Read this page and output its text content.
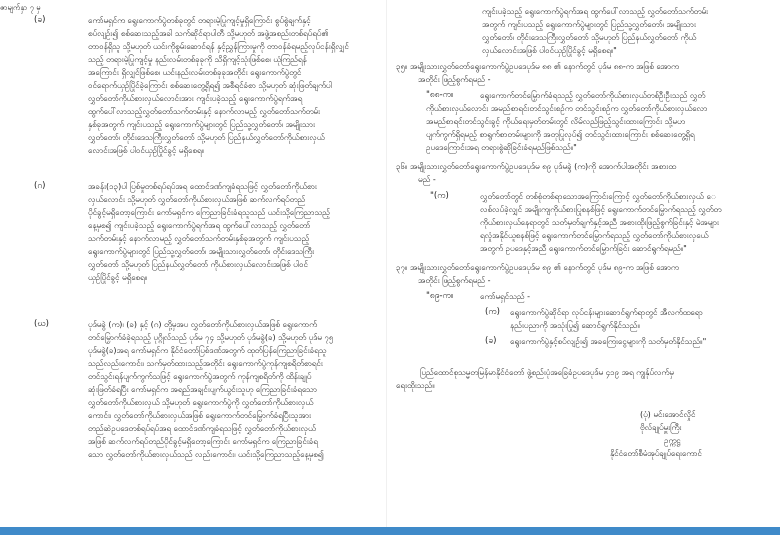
ဇာမျက်နှာ ၇ မှ
(ခ)	ကော်မရှင်က ရွေးကောက်ပွဲတစ်ခုတွင် တရားမဲ့ပြုကျင့်မှုရှိကြောင်း စွပ်စွဲချက်နှင့်
စပ်လျဉ်း၍ စစ်ဆေးသည့်အခါ သက်ဆိုင်ရာပါတီ သို့မဟုတ် အဖွဲ့အစည်းတစ်ရပ်ရပ်၏
တာဝန်ရှိသူ သို့မဟုတ် ယင်းကိုစွမ်းဆောင်ရန် နှင့်ညွှန်ကြားမှုကို တာဝန်ခံရမည့်လုပ်ငန်းရှိလျှင်
သည့် တရားမဲ့ပြုကျင့်မှု နည်းလမ်းတစ်ခုခုကို သိရှိကျင့်သုံးဖြစ်စေ၊ ယုံကြည်ရန်
အကြောင်း ရှိလျှင်ဖြစ်စေ၊ ယင်းနည်းလမ်းတစ်ခုခုအတိုင်း ရွေးကောက်ပွဲတွင်
ဝင်ရောက်ယှဉ်ပြိုင်ခဲ့ကြောင်း စစ်ဆေးတွေ့ရှိရ၍ အစီရင်ခံစာ သို့မဟုတ် ဆုံးဖြတ်ချက်ပါ
လွှတ်တော်ကိုယ်စားလှယ်လောင်းအား ကျင်းပခဲ့သည့် ရွေးကောက်ပွဲရက်အရ
ထွက်ပေါ်လာသည့်လွှတ်တော်သက်တမ်းနှင့် နောက်လာမည့် လွှတ်တော်သက်တမ်း
နှစ်ခုအတွက် ကျင်းပသည့် ရွေးကောက်ပွဲများတွင် ပြည်သူ့လွှတ်တော်၊ အမျိုးသား
လွှတ်တော်၊ တိုင်းဒေသကြီးလွှတ်တော် သို့မဟုတ် ပြည်နယ်လွှတ်တော်ကိုယ်စားလှယ်
လောင်းအဖြစ် ပါဝင်ယှဉ်ပြိုင်ခွင့် မရှိစေရ။
(ဂ)	အခန်း(၁၃)ပါ ပြစ်မှုတစ်ရပ်ရပ်အရ ထောင်ဒဏ်ကျခံရသဖြင့် လွှတ်တော်ကိုယ်စား
လှယ်လောင်း သို့မဟုတ် လွှတ်တော်ကိုယ်စားလှယ်အဖြစ် ဆက်လက်ရပ်တည်
ပိုင်ခွင့်မရှိတော့ကြောင်း ကော်မရှင်က ကြေညာခြင်းခံရသူသည် ယင်းသို့ကြေညာသည့်
နေ့မှစ၍ ကျင်းပခဲ့သည့် ရွေးကောက်ပွဲရက်အရ ထွက်ပေါ်လာသည့် လွှတ်တော်
သက်တမ်းနှင့် နောက်လာမည့် လွှတ်တော်သက်တမ်းနှစ်ခုအတွက် ကျင်းပသည့်
ရွေးကောက်ပွဲများတွင် ပြည်သူ့လွှတ်တော်၊ အမျိုးသားလွှတ်တော်၊ တိုင်းဒေသကြီး
လွှတ်တော် သို့မဟုတ် ပြည်နယ်လွှတ်တော် ကိုယ်စားလှယ်လောင်းအဖြစ် ပါဝင်
ယှဉ်ပြိုင်ခွင့် မရှိစေရ။
(ဃ)	ပုဒ်မခွဲ (က)၊ (ခ) နှင့် (ဂ) တို့မှအပ လွှတ်တော်ကိုယ်စားလှယ်အဖြစ် ရွေးကောက်
တင်မြှောက်ခံခဲ့ရသည့် ပုဂ္ဂိုလ်သည် ပုဒ်မ ၇၄ သို့မဟုတ် ပုဒ်မခွဲ(ခ) သို့မဟုတ် ပုဒ်မ ၇၅
ပုဒ်မခွဲ(ခ)အရ ကော်မရှင်က နိုင်ငံတော်ပြစ်ဒဏ်အတွက် ထုတ်ပြန်ကြေညာခြင်းခံရသူ
သည်လည်းကောင်း၊ သက်မှတ်ထားသည့်အတိုင်း ရွေးကောက်ပွဲကုန်ကျစရိတ်စာရင်း
တင်သွင်းရန်ပျက်ကွက်သဖြင့် ရွေးကောက်ပွဲအတွက် ကုန်ကျစရိတ်ကို ထိန်းချုပ်
ဆုံးဖြတ်ခံရပြီး ကော်မရှင်က အရည်အချင်းပျက်ယွင်းသူဟု ကြေညာခြင်းခံရသော
လွှတ်တော်ကိုယ်စားလှယ် သို့မဟုတ် ရွေးကောက်ပွဲကို လွှတ်တော်ကိုယ်စားလှယ်
ကောင်း၊ လွှတ်တော်ကိုယ်စားလှယ်အဖြစ် ရွေးကောက်တင်မြှောက်ခံရပြီးသူအား
တည်ဆဲဥပဒေတစ်ရပ်ရပ်အရ ထောင်ဒဏ်ကျခံရသဖြင့် လွှတ်တော်ကိုယ်စားလှယ်
အဖြစ် ဆက်လက်ရပ်တည်ပိုင်ခွင့်မရှိတော့ကြောင်း ကော်မရှင်က ကြေညာခြင်းခံရ
သော လွှတ်တော်ကိုယ်စားလှယ်သည် လည်းကောင်း၊ ယင်းသို့ကြေညာသည့်နေ့မှစ၍
ကျင်းပခဲ့သည့် ရွေးကောက်ပွဲရက်အရ ထွက်ပေါ်လာသည့် လွှတ်တော်သက်တမ်း
အတွက် ကျင်းပသည့် ရွေးကောက်ပွဲများတွင် ပြည်သူ့လွှတ်တော်၊ အမျိုးသား
လွှတ်တော်၊ တိုင်းဒေသကြီးလွှတ်တော် သို့မဟုတ် ပြည်နယ်လွှတ်တော် ကိုယ်
လှယ်လောင်းအဖြစ် ပါဝင်ယှဉ်ပြိုင်ခွင့် မရှိစေရ။"
၃၅။ အမျိုးသားလွှတ်တော်ရွေးကောက်ပွဲဥပဒေပုဒ်မ ၈၈ ၏ နောက်တွင် ပုဒ်မ ၈၈-က အဖြစ် အောက
အတိုင်း ဖြည့်စွက်ရမည် -
"၈၈-က။	ရွေးကောက်တင်မြှောက်ခံရသည့် လွှတ်တော်ကိုယ်စားလှယ်တစ်ဦးဦးသည် လွှတ်
ကိုယ်စားလှယ်လောင်း အမည်စာရင်းတင်သွင်းစဉ်က တင်သွင်းစဉ်က လွှတ်တော်ကိုယ်စားလှယ်လော
အမည်စာရင်းတင်သွင်းခွင့် ကိုယ်ရေးမှတ်တမ်းတွင် လိမ်လည်ဖြည့်သွင်းထားကြောင်း သို့မဟ
ပျက်ကွက်ရှိရမည့် စာရွက်စာတမ်းများကို အတုပြုလုပ်၍ တင်သွင်းထားကြောင်း စစ်ဆေးတွေ့ရှိရ
ဥပဒေကြောင်းအရ တရားစွဲဆိုခြင်းခံရမည်ဖြစ်သည်။"
၃၆။ အမျိုးသားလွှတ်တော်ရွေးကောက်ပွဲဥပဒေပုဒ်မ ၈၉ ပုဒ်မခွဲ (က)ကို အောက်ပါအတိုင်း အစားထ
မည် -
"(က)	လွှတ်တော်တွင် တစ်စုံတစ်ရာသောအကြောင်းကြောင့် လွှတ်တော်ကိုယ်စားလှယ် ေ
လစ်လပ်ခဲ့လျှင် အမျိုးကျကိုယ်စားပြုစနစ်ဖြင့် ရွေးကောက်တင်မြှောက်ရသည့် လွှတ်တ
ကိုယ်စားလှယ်နေရာတွင် သတ်မှတ်ချက်နှင့်အညီ အစားထိုးဖြည့်စွက်ခြင်းနှင့် မဲအများ
ရလှုံအနိုင်ယူစနစ်ဖြင့် ရွေးကောက်တင်မြှောက်ရသည့် လွှတ်တော်ကိုယ်စားလှယ်ေ
အတွက် ဥပဒေနှင့်အညီ ရွေးကောက်တင်မြှောက်ခြင်း ဆောင်ရွက်ရမည်။"
၃၇။ အမျိုးသားလွှတ်တော်ရွေးကောက်ပွဲဥပဒေပုဒ်မ ၈၉ ၏ နောက်တွင် ပုဒ်မ ၈၉-က အဖြစ် အောက
အတိုင်း ဖြည့်စွက်ရမည် -
"၈၉-က။	ကော်မရှင်သည် -
(က) ရွေးကောက်ပွဲဆိုင်ရာ လုပ်ငန်းများဆောင်ရွက်ရာတွင် အီလက်ထရော
နည်းပညာကို အသုံးပြု၍ ဆောင်ရွက်နိုင်သည်။
(ခ) ရွေးကောက်ပွဲနှင့်စပ်လျဉ်း၍ အခကြေးငွေများကို သတ်မှတ်နိုင်သည်။"
ပြည်ထောင်စုသမ္မတမြန်မာနိုင်ငံတော် ဖွဲ့စည်းပုံအခြေခံဥပဒေပုဒ်မ ၄၁၉ အရ ကျွန်ုပ်လက်မှ
ရေးထိုးသည်။
(ပုံ) မင်းအောင်လှိုင်
ဗိုလ်ချုပ်မှူးကြီး
ဥက္ကဋ္ဌ
နိုင်ငံတော်စီမံအုပ်ချုပ်ရေးကောင်
